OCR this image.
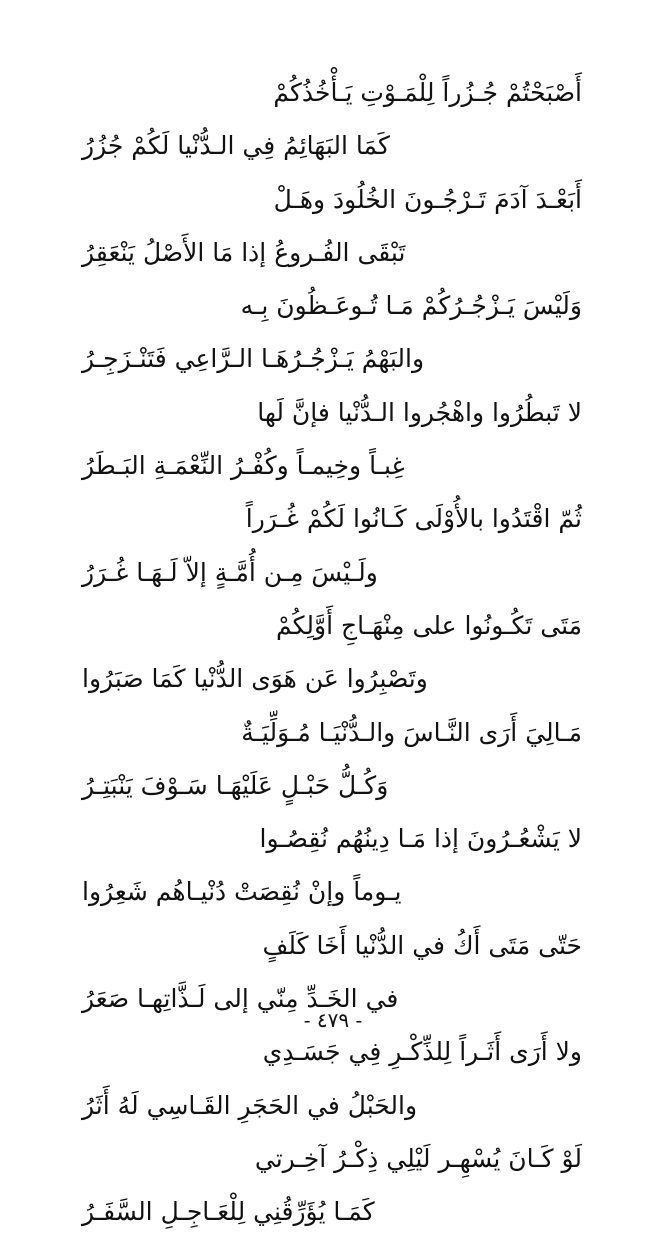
أَصْبَحْتُمْ جُـزُراً لِلْمَـوْتِ يَـأْخُذُكُمْ
كَمَا البَهَائِمُ فِي الـدُّنْيا لَكُمْ جُزُرُ
أَبَعْـدَ آدَمَ تَـرْجُـونَ الخُلُودَ وهَـلْ
تَبْقَى الفُـروعُ إذا مَا الأَصْلُ يَنْعَقِرُ
وَلَيْسَ يَـزْجُـرُكُمْ مَـا تُـوعَـظُونَ بِـه
والبَهْمُ يَـزْجُـرُهَـا الـرَّاعِي فَتَنْـزَجِـرُ
لا تَبطُرُوا واهْجُروا الـدُّنْيا فإنَّ لَها
غِبـاً وخِيمـاً وكُفْـرُ النِّعْمَـةِ البَـطَرُ
ثُمّ اقْتَدُوا بالأُوْلَى كَـانُوا لَكُمْ غُـرَراً
ولَـيْسَ مِـن أُمَّـةٍ إلاّ لَـهَـا غُـرَرُ
مَتَى تَكُـونُوا على مِنْهَـاجِ أَوَّلِكُمْ
وتَصْبِرُوا عَن هَوَى الدُّنْيا كَمَا صَبَرُوا
مَـالِيَ أَرَى النَّـاسَ والـدُّنْيَـا مُـوَلِّيَـةٌ
وَكُـلُّ حَبْـلٍ عَلَيْهَـا سَـوْفَ يَنْبَتِـرُ
لا يَشْعُـرُونَ إذا مَـا دِينُهُم نُقِصُـوا
يـوماً وإنْ نُقِصَتْ دُنْيـاهُم شَعِرُوا
حَتّى مَتَى أَكُ في الدُّنْيا أَخَا كَلَفٍ
في الخَـدِّ مِنّي إلى لَـذَّاتِهـا صَعَرُ
ولا أَرَى أَثَـراً لِلذِّكْـرِ فِي جَسَـدِي
والحَبْلُ في الحَجَرِ القَـاسِي لَهُ أَثَرُ
لَوْ كَـانَ يُسْهِـر لَيْلِي ذِكْـرُ آخِـرتي
كَمَـا يُؤَرِّقُنِي لِلْعَـاجِـلِ السَّفَـرُ
- ٤٧٩ -
